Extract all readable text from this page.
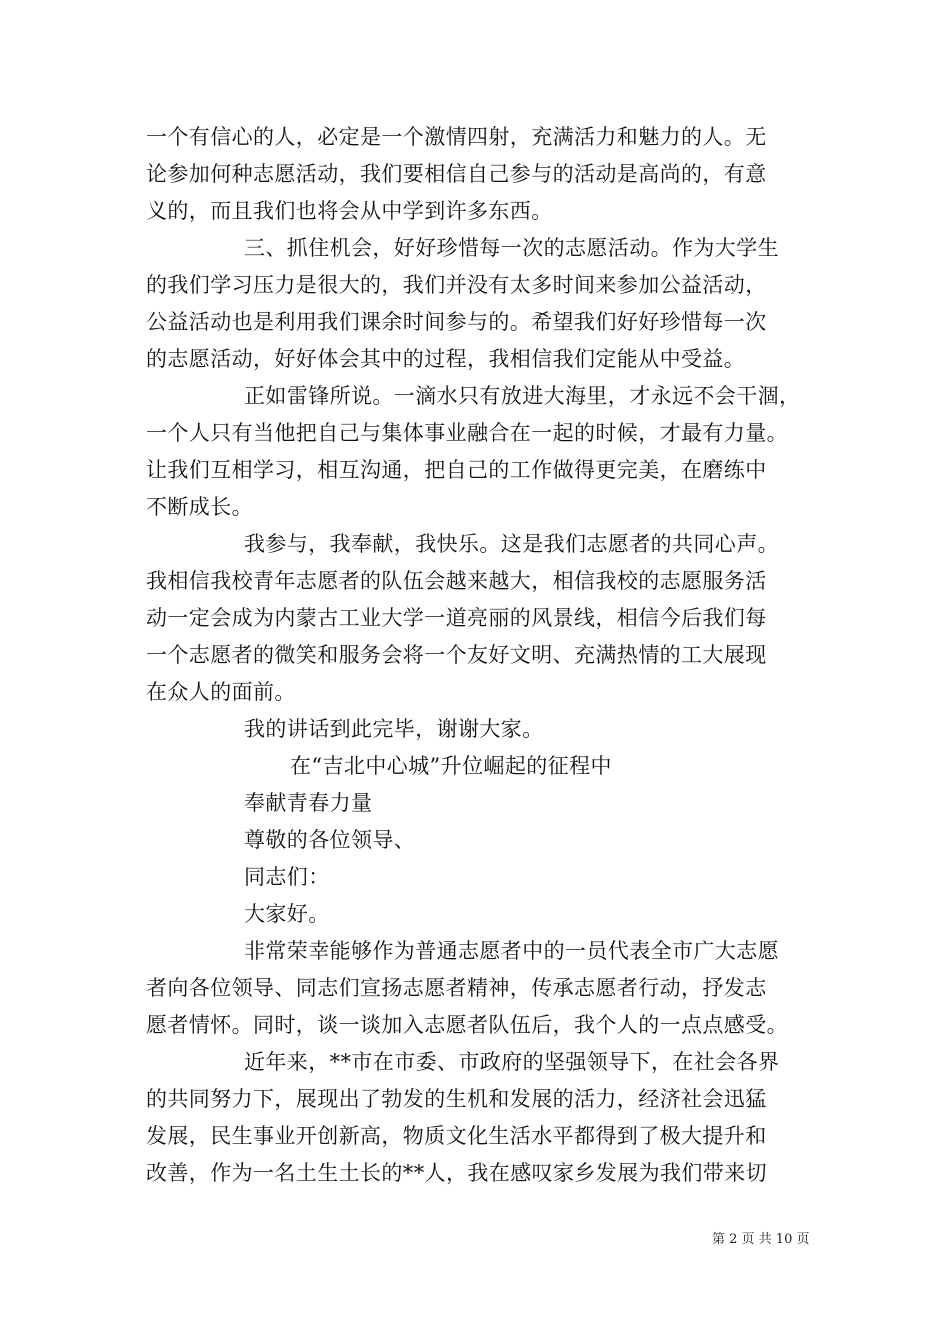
一个有信心的人，必定是一个激情四射，充满活力和魅力的人。无
论参加何种志愿活动，我们要相信自己参与的活动是高尚的，有意
义的，而且我们也将会从中学到许多东西。
三、抓住机会，好好珍惜每一次的志愿活动。作为大学生
的我们学习压力是很大的，我们并没有太多时间来参加公益活动，
公益活动也是利用我们课余时间参与的。希望我们好好珍惜每一次
的志愿活动，好好体会其中的过程，我相信我们定能从中受益。
正如雷锋所说。一滴水只有放进大海里，才永远不会干涸，
一个人只有当他把自己与集体事业融合在一起的时候，才最有力量。
让我们互相学习，相互沟通，把自己的工作做得更完美，在磨练中
不断成长。
我参与，我奉献，我快乐。这是我们志愿者的共同心声。
我相信我校青年志愿者的队伍会越来越大，相信我校的志愿服务活
动一定会成为内蒙古工业大学一道亮丽的风景线，相信今后我们每
一个志愿者的微笑和服务会将一个友好文明、充满热情的工大展现
在众人的面前。
我的讲话到此完毕，谢谢大家。
在“吉北中心城”升位崛起的征程中
奉献青春力量
尊敬的各位领导、
同志们：
大家好。
非常荣幸能够作为普通志愿者中的一员代表全市广大志愿
者向各位领导、同志们宣扬志愿者精神，传承志愿者行动，抒发志
愿者情怀。同时，谈一谈加入志愿者队伍后，我个人的一点点感受。
近年来，**市在市委、市政府的坚强领导下，在社会各界
的共同努力下，展现出了勃发的生机和发展的活力，经济社会迅猛
发展，民生事业开创新高，物质文化生活水平都得到了极大提升和
改善，作为一名土生土长的**人，我在感叹家乡发展为我们带来切
第 2 页 共 10 页
